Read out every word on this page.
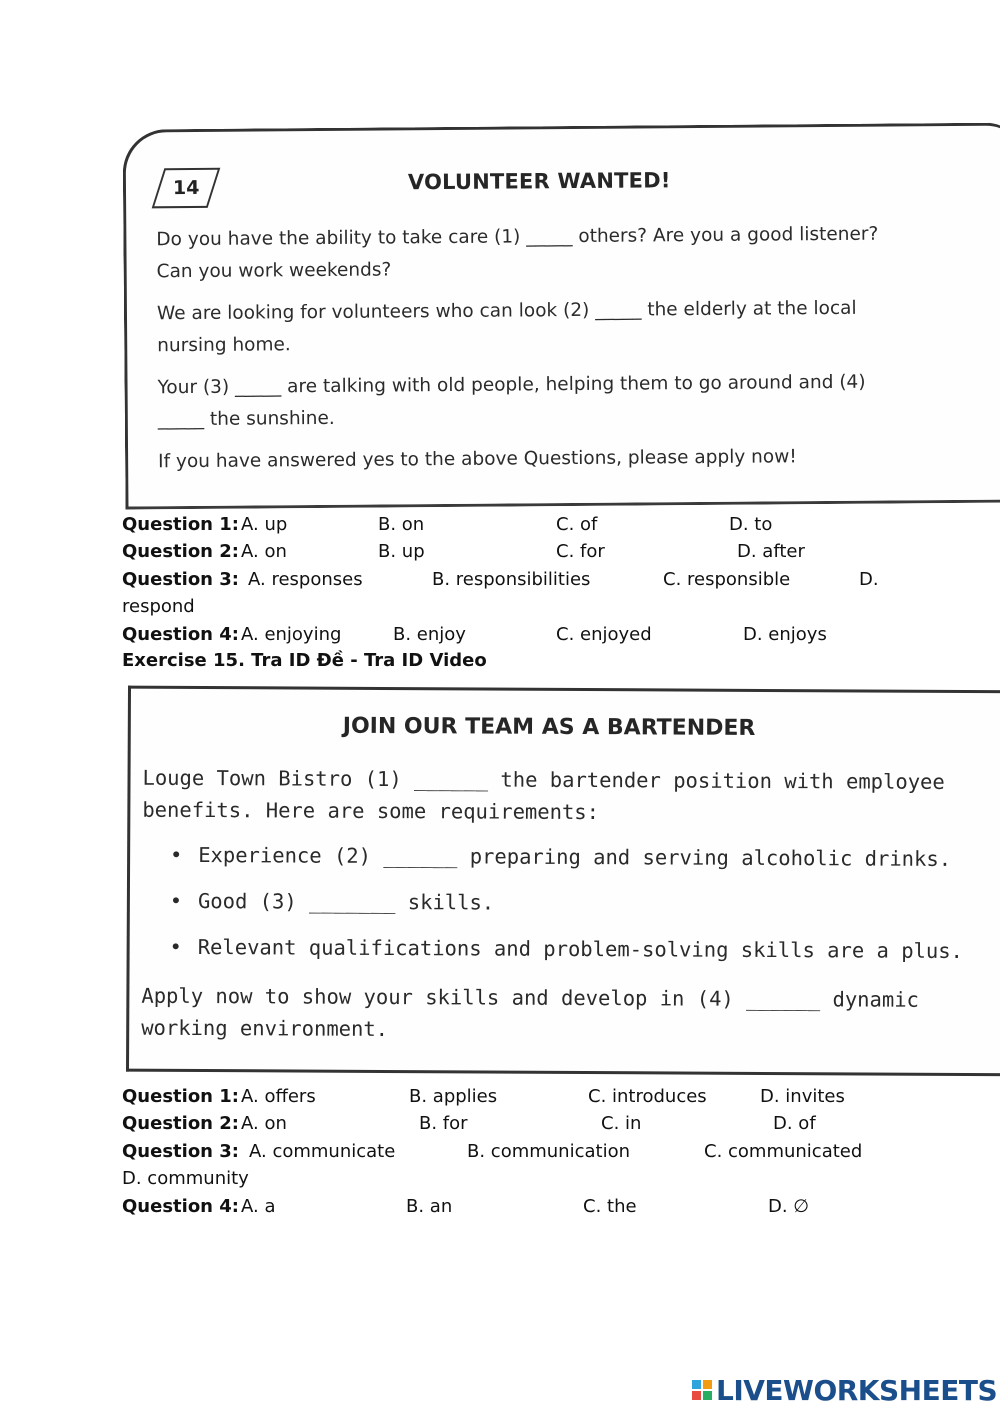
14	VOLUNTEER WANTED!
Do you have the ability to take care (1) _____ others? Are you a good listener?
Can you work weekends?
We are looking for volunteers who can look (2) _____ the elderly at the local
nursing home.
Your (3) _____ are talking with old people, helping them to go around and (4)
_____ the sunshine.
If you have answered yes to the above Questions, please apply now!
Question 1: A. up	B. on	C. of	D. to
Question 2: A. on	B. up	C. for	D. after
Question 3: A. responses	B. responsibilities	C. responsible	D.
respond
Question 4: A. enjoying	B. enjoy	C. enjoyed	D. enjoys
Exercise 15. Tra ID Đề - Tra ID Video
JOIN OUR TEAM AS A BARTENDER
Louge Town Bistro (1) ______ the bartender position with employee
benefits. Here are some requirements:
• Experience (2) ______ preparing and serving alcoholic drinks.
• Good (3) _______ skills.
• Relevant qualifications and problem-solving skills are a plus.
Apply now to show your skills and develop in (4) ______ dynamic
working environment.
Question 1: A. offers	B. applies	C. introduces	D. invites
Question 2: A. on	B. for	C. in	D. of
Question 3: A. communicate	B. communication	C. communicated
D. community
Question 4: A. a	B. an	C. the	D. ∅
LIVEWORKSHEETS
